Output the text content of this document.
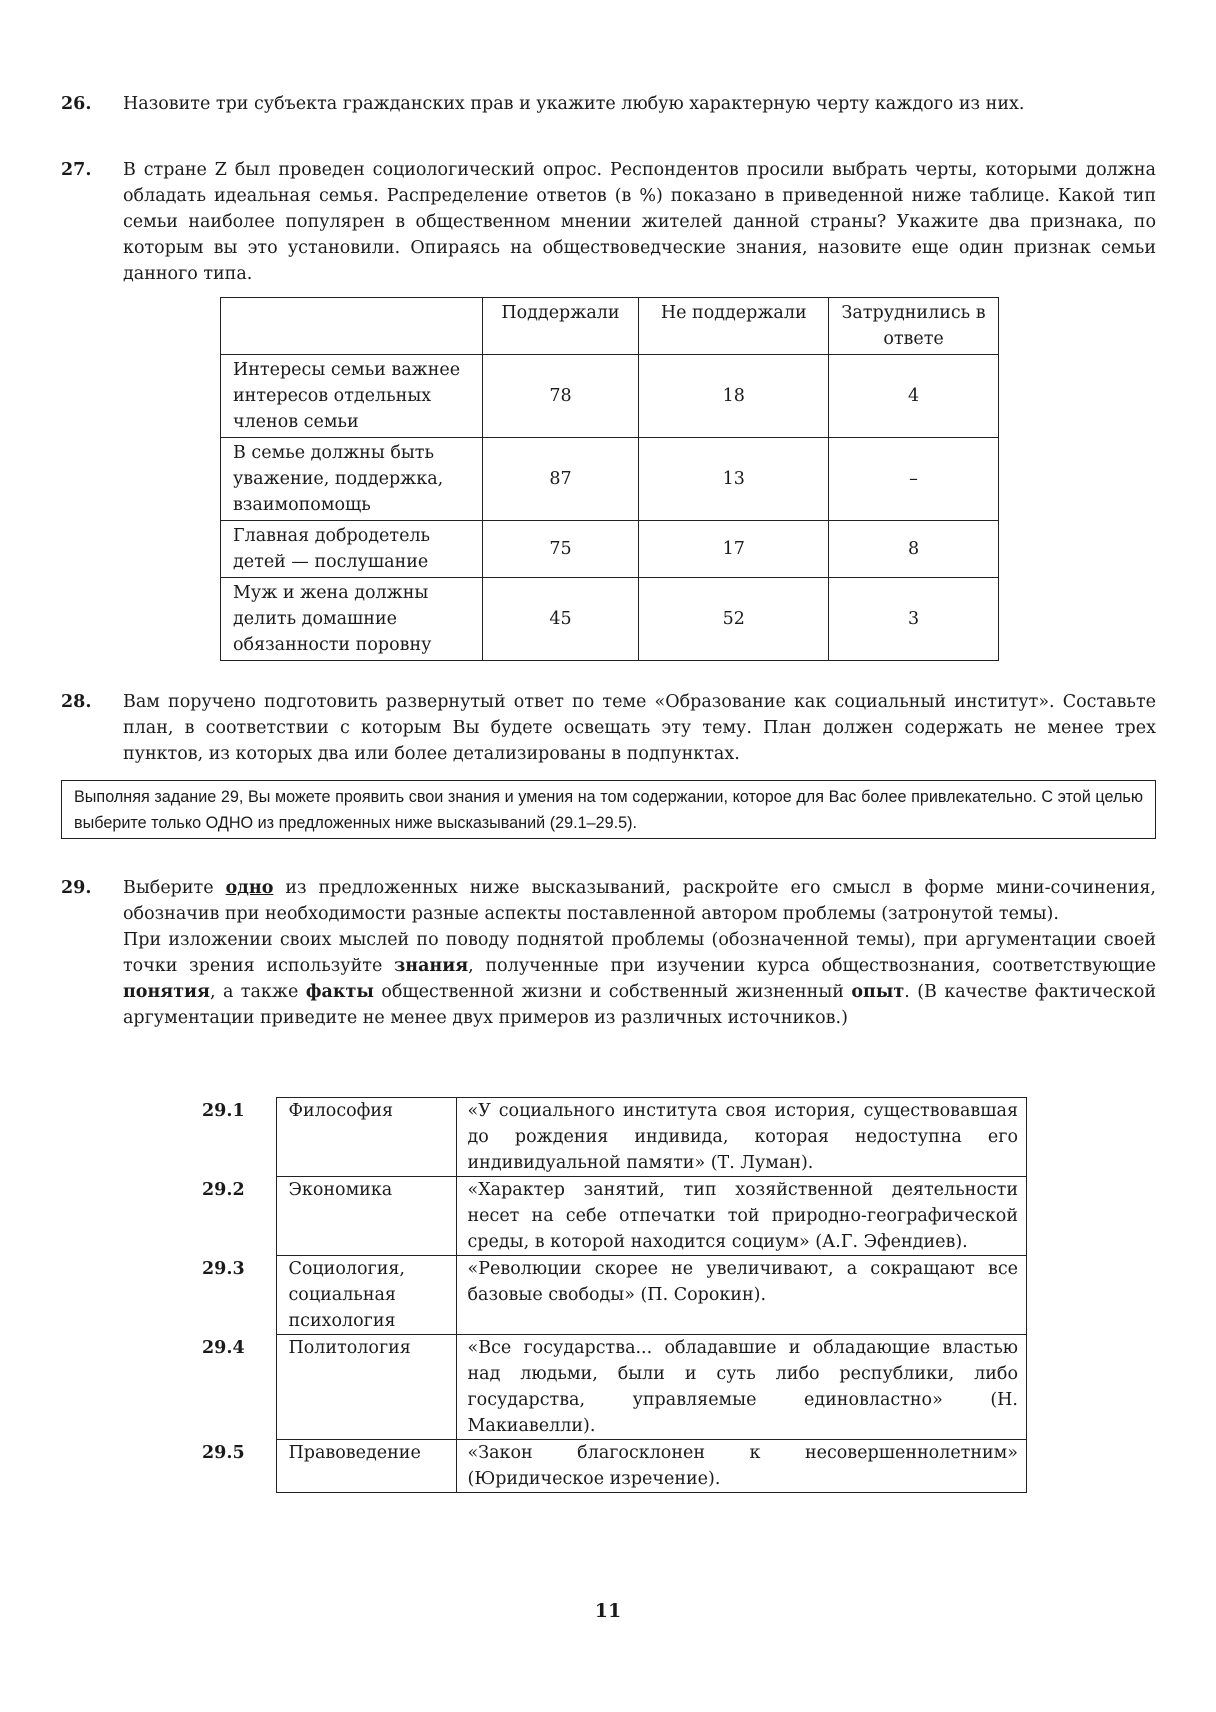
26.	Назовите три субъекта гражданских прав и укажите любую характерную черту каждого из них.

27.	В стране Z был проведен социологический опрос. Респондентов просили выбрать черты, которыми должна обладать идеальная семья. Распределение ответов (в %) показано в приведенной ниже таблице. Какой тип семьи наиболее популярен в общественном мнении жителей данной страны? Укажите два признака, по которым вы это установили. Опираясь на обществоведческие знания, назовите еще один признак семьи данного типа.

	Поддержали	Не поддержали	Затруднились в ответе
Интересы семьи важнее интересов отдельных членов семьи	78	18	4
В семье должны быть уважение, поддержка, взаимопомощь	87	13	–
Главная добродетель детей — послушание	75	17	8
Муж и жена должны делить домашние обязанности поровну	45	52	3
28.	Вам поручено подготовить развернутый ответ по теме «Образование как социальный институт». Составьте план, в соответствии с которым Вы будете освещать эту тему. План должен содержать не менее трех пунктов, из которых два или более детализированы в подпунктах.

Выполняя задание 29, Вы можете проявить свои знания и умения на том содержании, которое для Вас более привлекательно. С этой целью выберите только ОДНО из предложенных ниже высказываний (29.1–29.5).

29.	Выберите одно из предложенных ниже высказываний, раскройте его смысл в форме мини-сочинения, обозначив при необходимости разные аспекты поставленной автором проблемы (затронутой темы).

При изложении своих мыслей по поводу поднятой проблемы (обозначенной темы), при аргументации своей точки зрения используйте знания, полученные при изучении курса обществознания, соответствующие понятия, а также факты общественной жизни и собственный жизненный опыт. (В качестве фактической аргументации приведите не менее двух примеров из различных источников.)

29.1	Философия	«У социального института своя история, существовавшая до рождения индивида, которая недоступна его индивидуальной памяти» (Т. Луман).
29.2	Экономика	«Характер занятий, тип хозяйственной деятельности несет на себе отпечатки той природно-географической среды, в которой находится социум» (А.Г. Эфендиев).
29.3	Социология, социальная психология	«Революции скорее не увеличивают, а сокращают все базовые свободы» (П. Сорокин).
29.4	Политология	«Все государства... обладавшие и обладающие властью над людьми, были и суть либо республики, либо государства, управляемые единовластно» (Н. Макиавелли).
29.5	Правоведение	«Закон благосклонен к несовершеннолетним» (Юридическое изречение).
11
